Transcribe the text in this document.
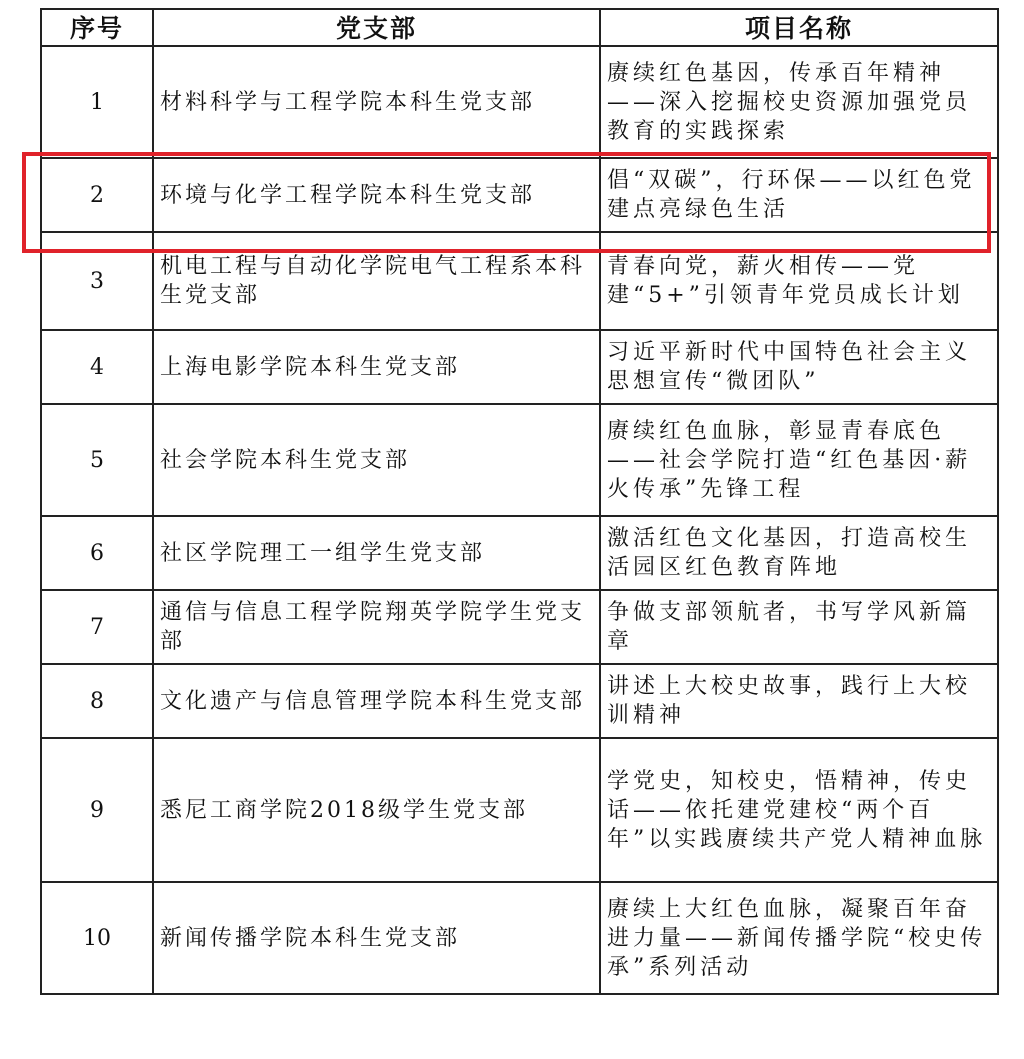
序号	党支部	项目名称
1	材料科学与工程学院本科生党支部	赓续红色基因，传承百年精神——深入挖掘校史资源加强党员教育的实践探索
2	环境与化学工程学院本科生党支部	倡“双碳”，行环保——以红色党建点亮绿色生活
3	机电工程与自动化学院电气工程系本科生党支部	青春向党，薪火相传——党建“5+”引领青年党员成长计划
4	上海电影学院本科生党支部	习近平新时代中国特色社会主义思想宣传“微团队”
5	社会学院本科生党支部	赓续红色血脉，彰显青春底色——社会学院打造“红色基因·薪火传承”先锋工程
6	社区学院理工一组学生党支部	激活红色文化基因，打造高校生活园区红色教育阵地
7	通信与信息工程学院翔英学院学生党支部	争做支部领航者，书写学风新篇章
8	文化遗产与信息管理学院本科生党支部	讲述上大校史故事，践行上大校训精神
9	悉尼工商学院2018级学生党支部	学党史，知校史，悟精神，传史话——依托建党建校“两个百年”以实践赓续共产党人精神血脉
10	新闻传播学院本科生党支部	赓续上大红色血脉，凝聚百年奋进力量——新闻传播学院“校史传承”系列活动
